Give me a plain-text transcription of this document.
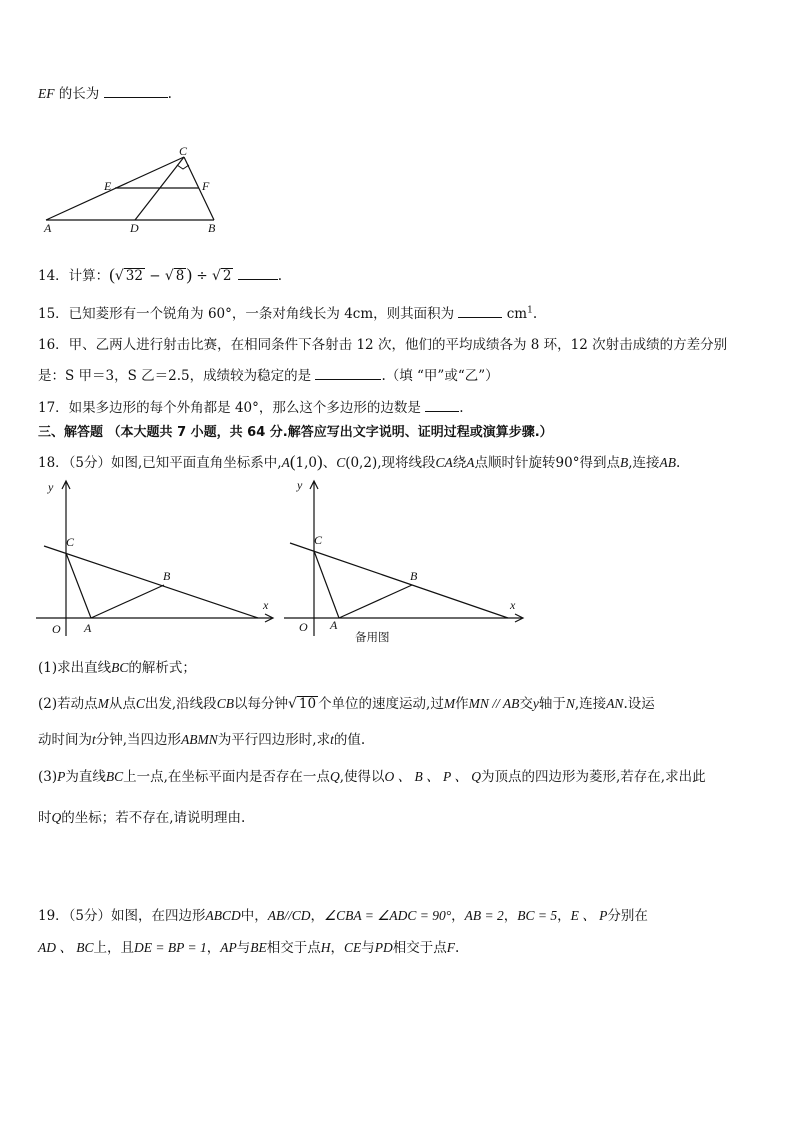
EF 的长为	.
C
E	F
A	D	B
14．计算：(√ 32 − √ 8 ) ÷ √ 2	.
15．已知菱形有一个锐角为 60°，一条对角线长为 4cm，则其面积为	$cm^1$.
16．甲、乙两人进行射击比赛，在相同条件下各射击 12 次，他们的平均成绩各为 8 环，12 次射击成绩的方差分别
是：S 甲＝3，S 乙＝2.5，成绩较为稳定的是	.（填 “甲”或“乙”）
17．如果多边形的每个外角都是 40°，那么这个多边形的边数是	.
三、解答题 （本大题共 7 小题，共 64 分.解答应写出文字说明、证明过程或演算步骤.）
18．（5分）如图,已知平面直角坐标系中,A(1,0)、C(0,2),现将线段CA绕A点顺时针旋转90°得到点B,连接AB.
y
C
B
x
O A
y
C
B
x
O A
备用图
(1)求出直线BC的解析式；
(2)若动点M从点C出发,沿线段CB以每分钟√ 10 个单位的速度运动,过M作MN // AB交y轴于N,连接AN.设运
动时间为t分钟,当四边形ABMN为平行四边形时,求t的值.
(3)P为直线BC上一点,在坐标平面内是否存在一点Q,使得以O 、 B 、 P 、 Q为顶点的四边形为菱形,若存在,求出此
时Q的坐标；若不存在,请说明理由.
19．（5分）如图，在四边形ABCD中，AB//CD，∠CBA = ∠ADC = 90°，AB = 2，BC = 5，E 、 P分别在
AD 、 BC上，且DE = BP = 1，AP与BE相交于点H，CE与PD相交于点F.
